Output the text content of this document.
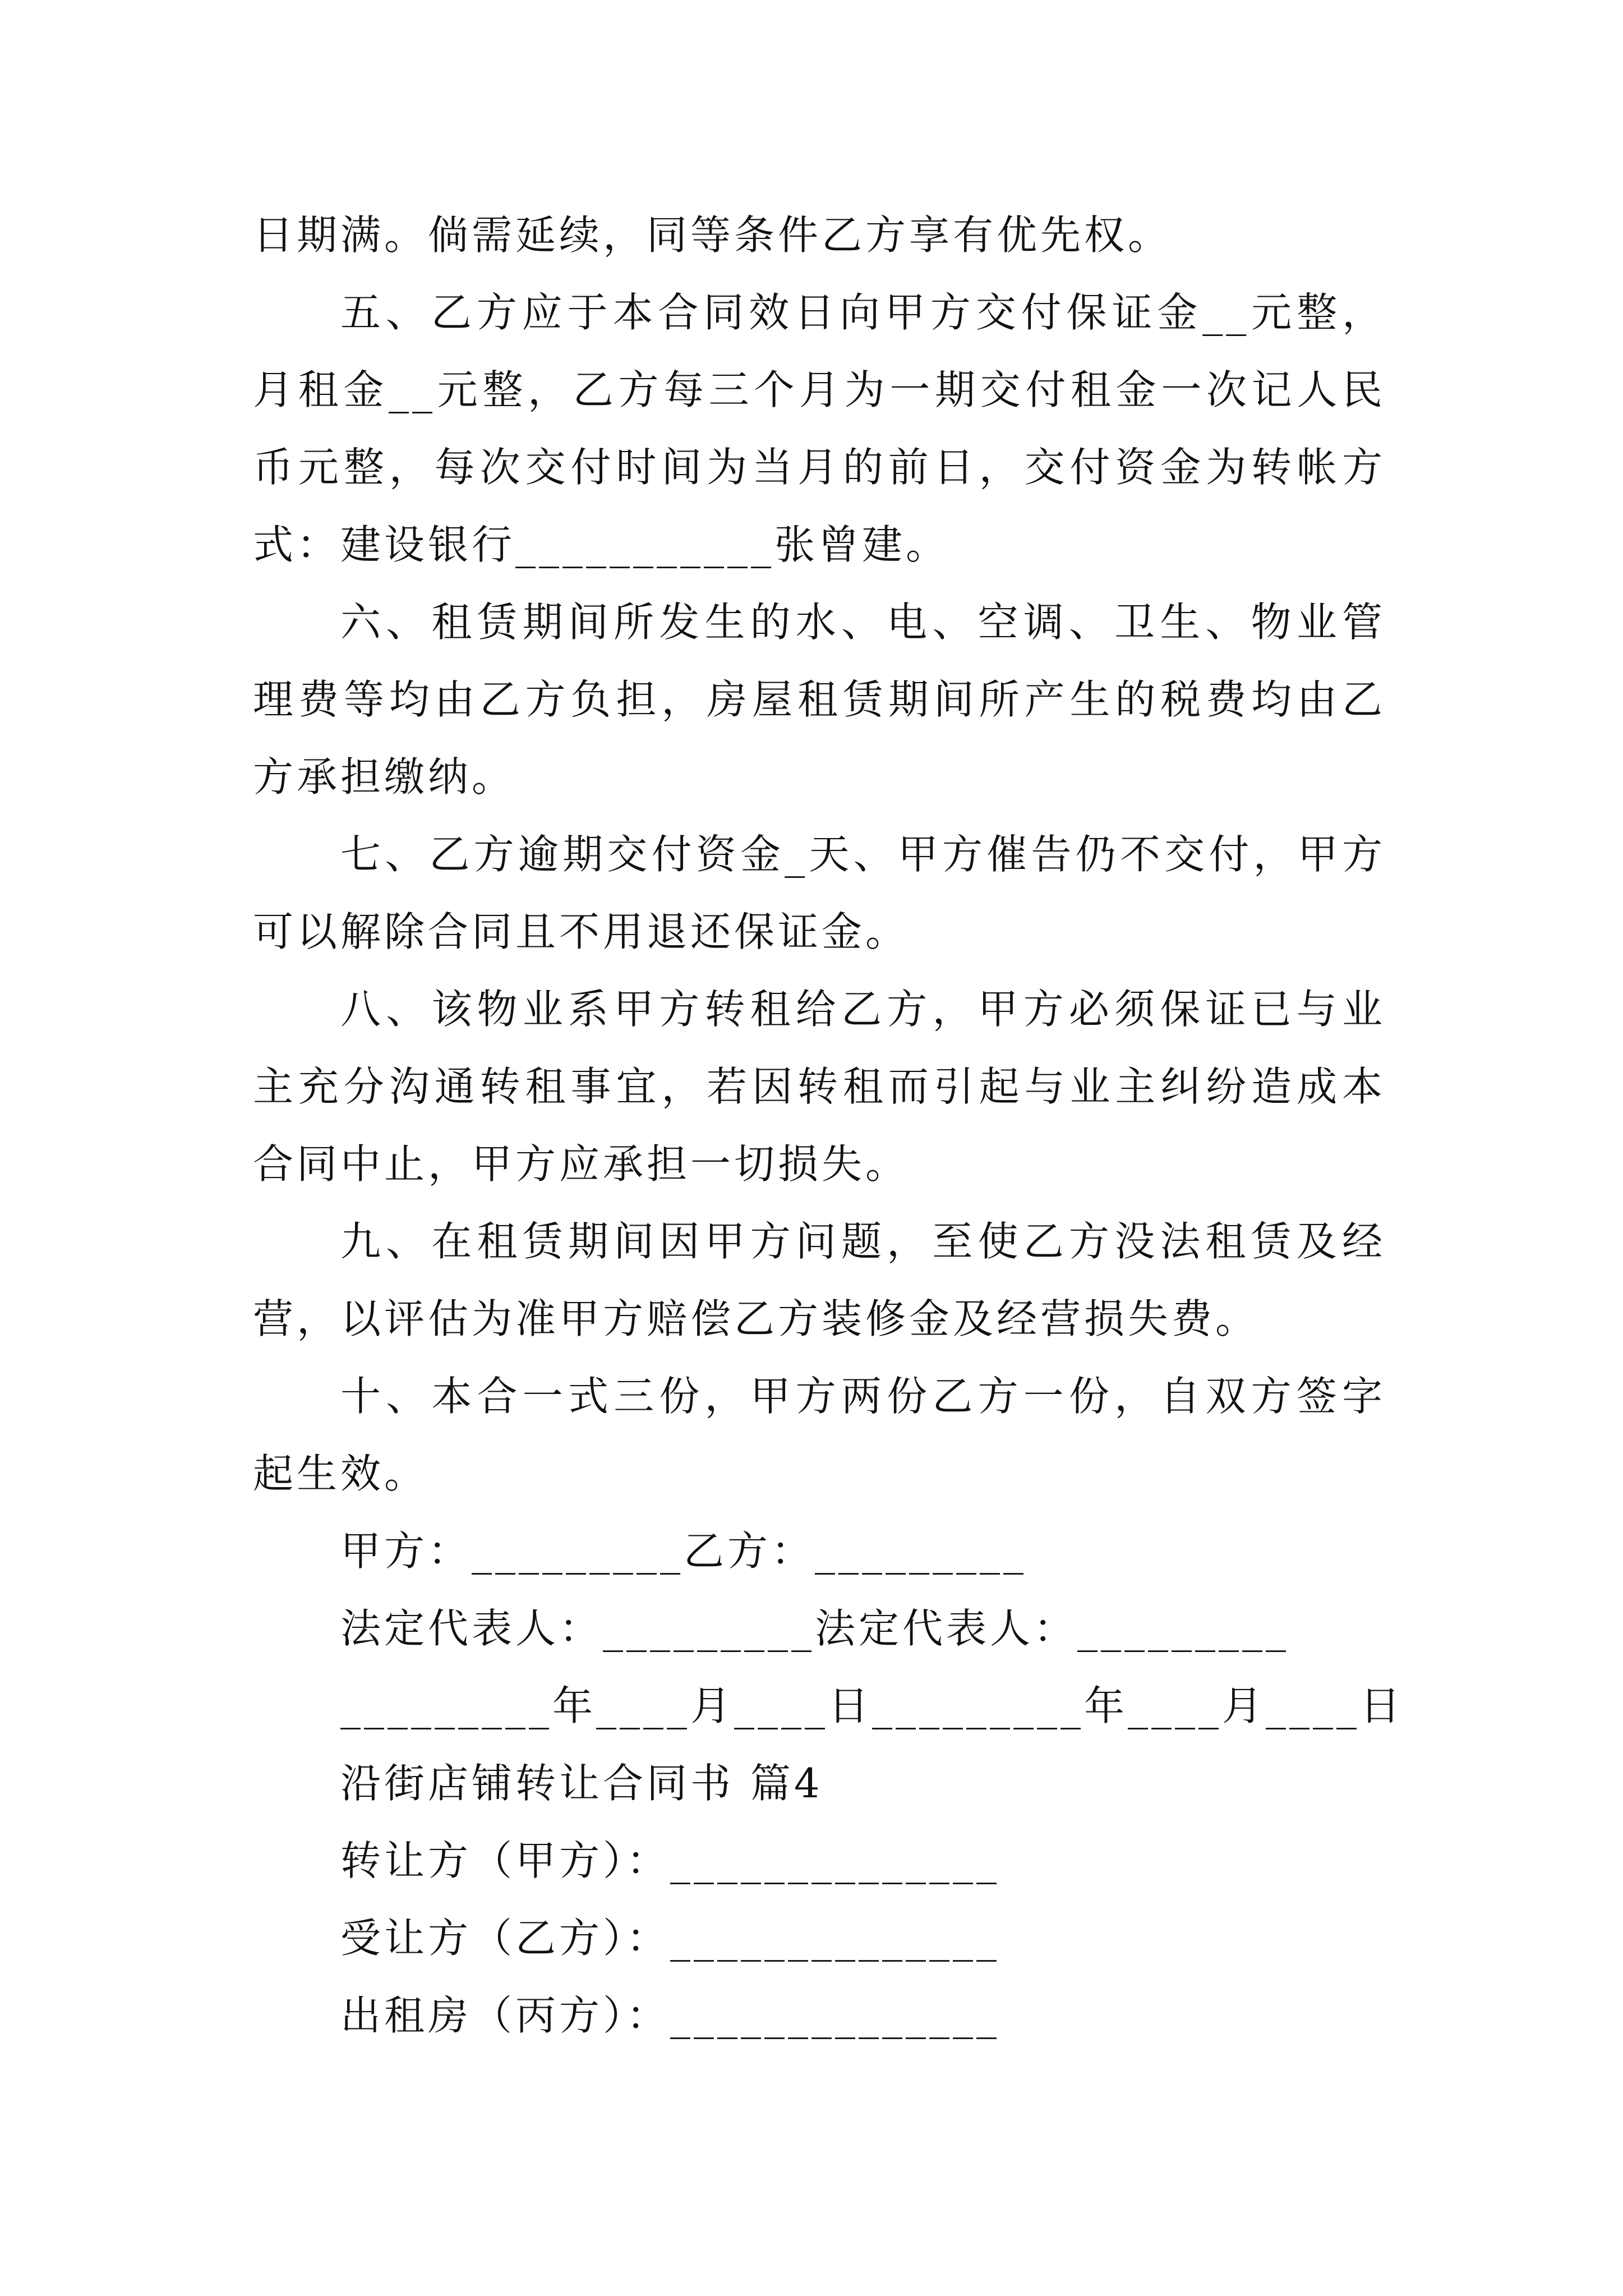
日期满。倘需延续，同等条件乙方享有优先权。

五、乙方应于本合同效日向甲方交付保证金__元整，月租金__元整，乙方每三个月为一期交付租金一次记人民币元整，每次交付时间为当月的前日，交付资金为转帐方式：建设银行___________张曾建。

六、租赁期间所发生的水、电、空调、卫生、物业管理费等均由乙方负担，房屋租赁期间所产生的税费均由乙方承担缴纳。

七、乙方逾期交付资金_天、甲方催告仍不交付，甲方可以解除合同且不用退还保证金。

八、该物业系甲方转租给乙方，甲方必须保证已与业主充分沟通转租事宜，若因转租而引起与业主纠纷造成本合同中止，甲方应承担一切损失。

九、在租赁期间因甲方问题，至使乙方没法租赁及经营，以评估为准甲方赔偿乙方装修金及经营损失费。

十、本合一式三份，甲方两份乙方一份，自双方签字起生效。

甲方：_________乙方：_________

法定代表人：_________法定代表人：_________

_________年____月____日_________年____月____日

沿街店铺转让合同书 篇4

转让方（甲方）：______________

受让方（乙方）：______________

出租房（丙方）：______________
